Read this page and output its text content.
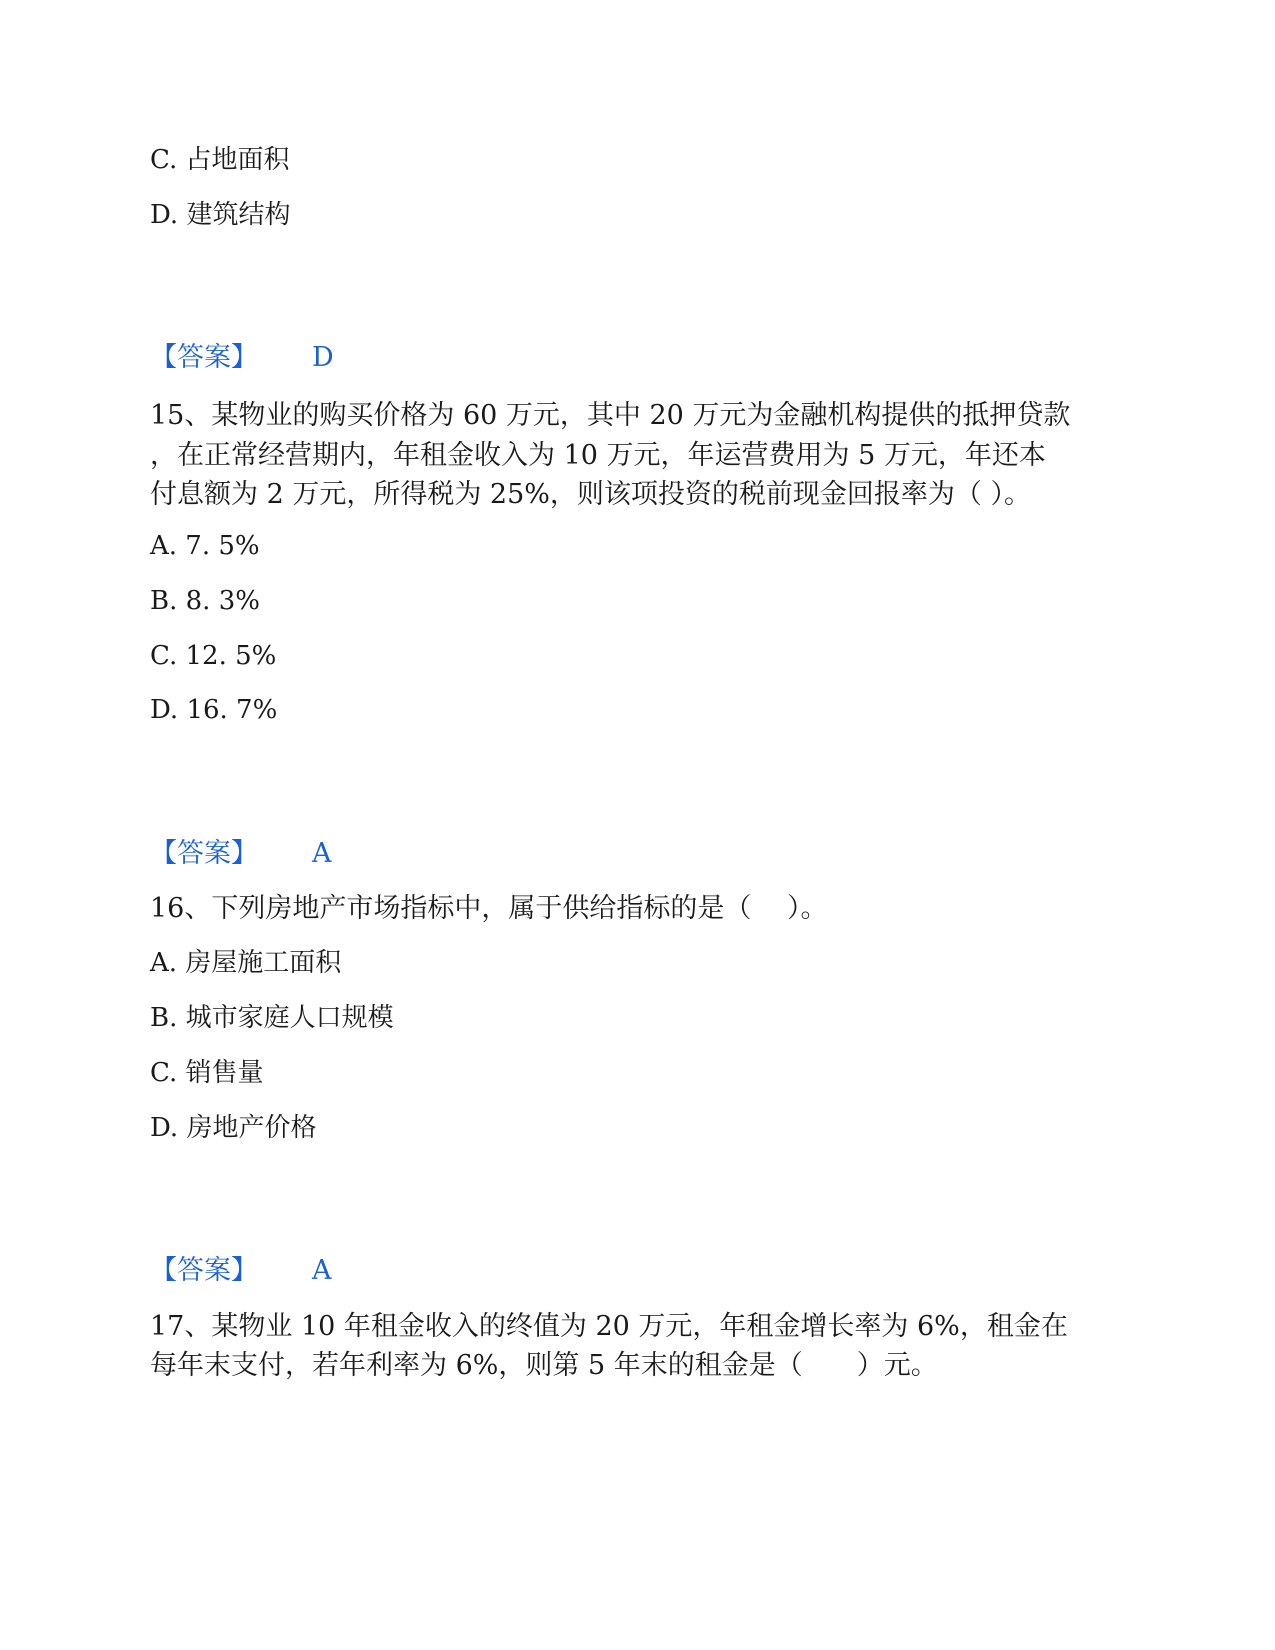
C. 占地面积
D. 建筑结构
【答案】 D
15、某物业的购买价格为 60 万元，其中 20 万元为金融机构提供的抵押贷款
，在正常经营期内，年租金收入为 10 万元，年运营费用为 5 万元，年还本
付息额为 2 万元，所得税为 25%，则该项投资的税前现金回报率为（ ）。
A. 7. 5%
B. 8. 3%
C. 12. 5%
D. 16. 7%
【答案】 A
16、下列房地产市场指标中，属于供给指标的是（　 ）。
A. 房屋施工面积
B. 城市家庭人口规模
C. 销售量
D. 房地产价格
【答案】 A
17、某物业 10 年租金收入的终值为 20 万元，年租金增长率为 6%，租金在
每年末支付，若年利率为 6%，则第 5 年末的租金是（　　）元。
